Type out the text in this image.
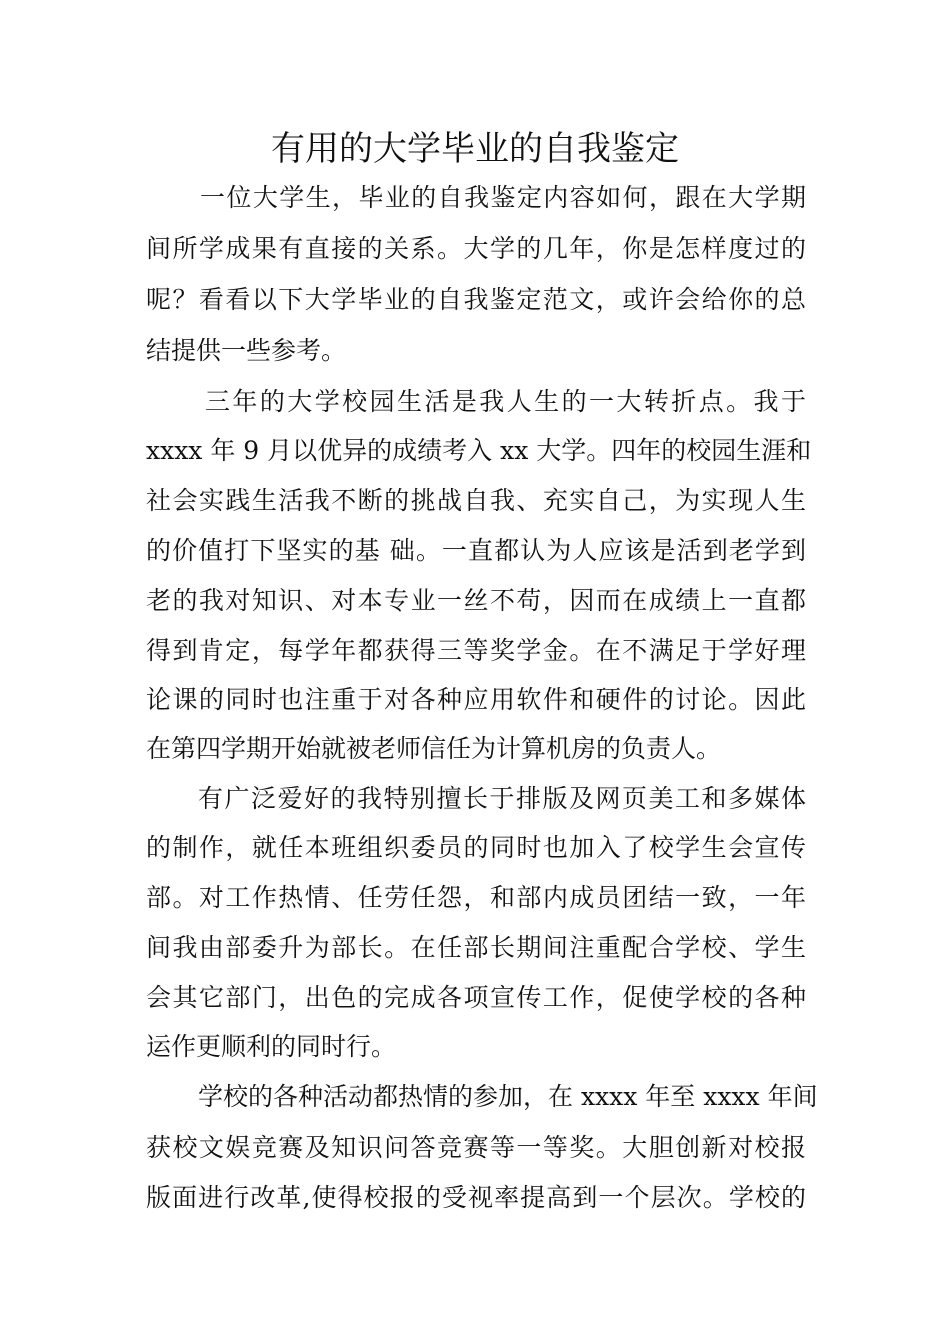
有用的大学毕业的自我鉴定
一位大学生，毕业的自我鉴定内容如何，跟在大学期
间所学成果有直接的关系。大学的几年，你是怎样度过的
呢？看看以下大学毕业的自我鉴定范文，或许会给你的总
结提供一些参考。
三年的大学校园生活是我人生的一大转折点。我于
xxxx 年 9 月以优异的成绩考入 xx 大学。四年的校园生涯和
社会实践生活我不断的挑战自我、充实自己，为实现人生
的价值打下坚实的基 础。一直都认为人应该是活到老学到
老的我对知识、对本专业一丝不苟，因而在成绩上一直都
得到肯定，每学年都获得三等奖学金。在不满足于学好理
论课的同时也注重于对各种应用软件和硬件的讨论。因此
在第四学期开始就被老师信任为计算机房的负责人。
有广泛爱好的我特别擅长于排版及网页美工和多媒体
的制作，就任本班组织委员的同时也加入了校学生会宣传
部。对工作热情、任劳任怨，和部内成员团结一致，一年
间我由部委升为部长。在任部长期间注重配合学校、学生
会其它部门，出色的完成各项宣传工作，促使学校的各种
运作更顺利的同时行。
学校的各种活动都热情的参加，在 xxxx 年至 xxxx 年间
获校文娱竞赛及知识问答竞赛等一等奖。大胆创新对校报
版面进行改革,使得校报的受视率提高到一个层次。学校的
